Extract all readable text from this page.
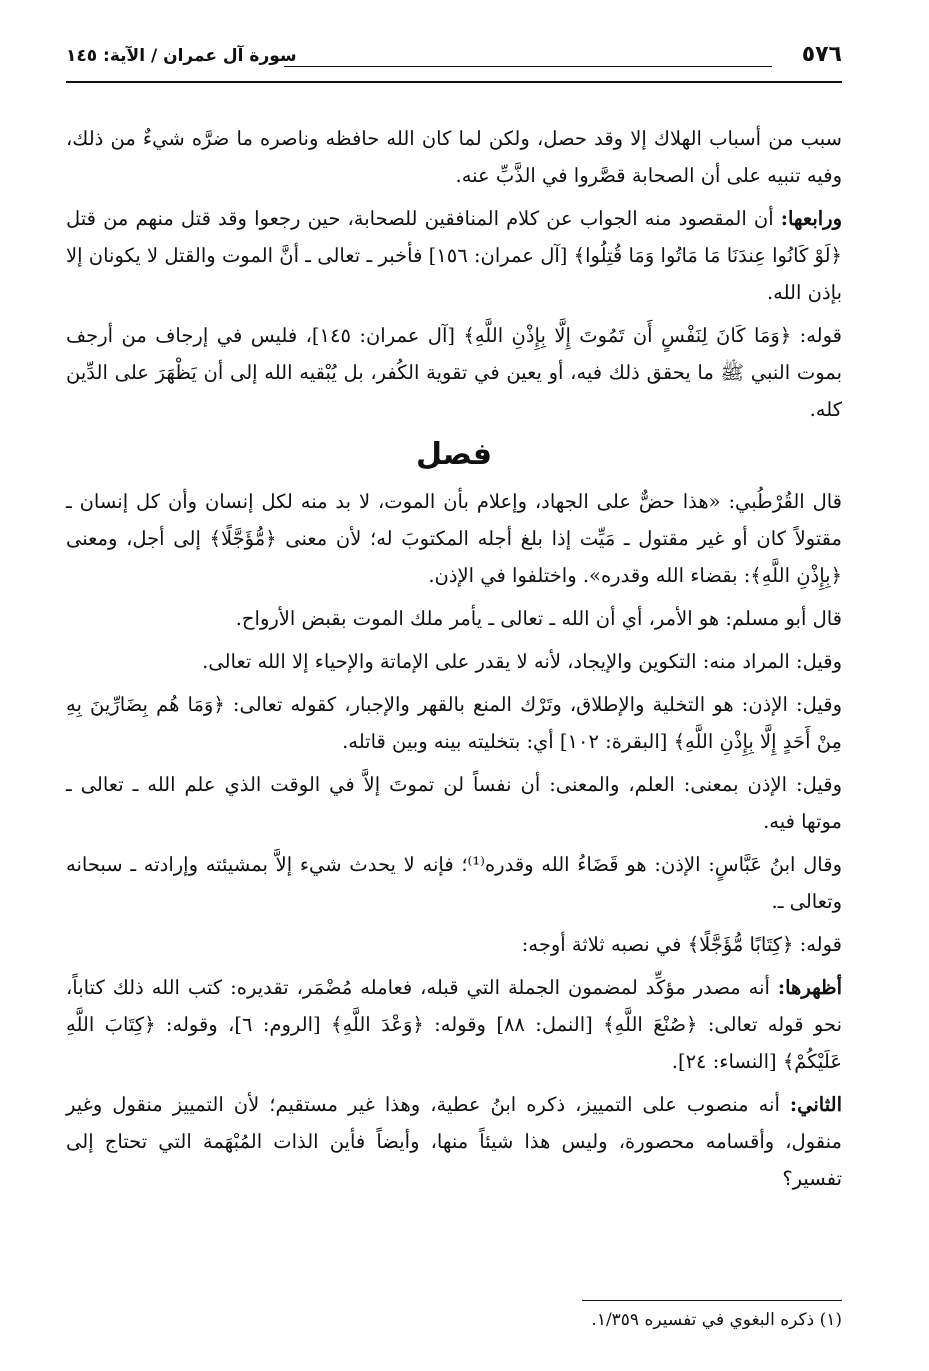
٥٧٦
سورة آل عمران / الآية: ١٤٥

سبب من أسباب الهلاك إلا وقد حصل، ولكن لما كان الله حافظه وناصره ما ضرَّه شيءٌ من ذلك، وفيه تنبيه على أن الصحابة قصَّروا في الذَّبِّ عنه.

ورابعها: أن المقصود منه الجواب عن كلام المنافقين للصحابة، حين رجعوا وقد قتل منهم من قتل ﴿لَوْ كَانُوا عِندَنَا مَا مَاتُوا وَمَا قُتِلُوا﴾ [آل عمران: ١٥٦] فأخبر ـ تعالى ـ أنَّ الموت والقتل لا يكونان إلا بإذن الله.

قوله: ﴿وَمَا كَانَ لِنَفْسٍ أَن تَمُوتَ إِلَّا بِإِذْنِ اللَّهِ﴾ [آل عمران: ١٤٥]، فليس في إرجاف من أرجف بموت النبي ﷺ ما يحقق ذلك فيه، أو يعين في تقوية الكُفر، بل يُبْقيه الله إلى أن يَظْهَرَ على الدِّين كله.

فصل

قال القُرْطُبي: «هذا حضٌّ على الجهاد، وإعلام بأن الموت، لا بد منه لكل إنسان وأن كل إنسان ـ مقتولاً كان أو غير مقتول ـ مَيِّت إذا بلغ أجله المكتوبَ له؛ لأن معنى ﴿مُّؤَجَّلًا﴾ إلى أجل، ومعنى ﴿بِإِذْنِ اللَّهِ﴾: بقضاء الله وقدره». واختلفوا في الإذن.

قال أبو مسلم: هو الأمر، أي أن الله ـ تعالى ـ يأمر ملك الموت بقبض الأرواح.

وقيل: المراد منه: التكوين والإيجاد، لأنه لا يقدر على الإماتة والإحياء إلا الله تعالى.

وقيل: الإذن: هو التخلية والإطلاق، وتَرْك المنع بالقهر والإجبار، كقوله تعالى: ﴿وَمَا هُم بِضَارِّينَ بِهِ مِنْ أَحَدٍ إِلَّا بِإِذْنِ اللَّهِ﴾ [البقرة: ١٠٢] أي: بتخليته بينه وبين قاتله.

وقيل: الإذن بمعنى: العلم، والمعنى: أن نفساً لن تموتَ إلاَّ في الوقت الذي علم الله ـ تعالى ـ موتها فيه.

وقال ابنُ عَبَّاسٍ: الإذن: هو قَضَاءُ الله وقدره⁽¹⁾؛ فإنه لا يحدث شيء إلاَّ بمشيئته وإرادته ـ سبحانه وتعالى ـ.

قوله: ﴿كِتَابًا مُّؤَجَّلًا﴾ في نصبه ثلاثة أوجه:

أظهرها: أنه مصدر مؤكِّد لمضمون الجملة التي قبله، فعامله مُضْمَر، تقديره: كتب الله ذلك كتاباً، نحو قوله تعالى: ﴿صُنْعَ اللَّهِ﴾ [النمل: ٨٨] وقوله: ﴿وَعْدَ اللَّهِ﴾ [الروم: ٦]، وقوله: ﴿كِتَابَ اللَّهِ عَلَيْكُمْ﴾ [النساء: ٢٤].

الثاني: أنه منصوب على التمييز، ذكره ابنُ عطية، وهذا غير مستقيم؛ لأن التمييز منقول وغير منقول، وأقسامه محصورة، وليس هذا شيئاً منها، وأيضاً فأين الذات المُبْهَمة التي تحتاج إلى تفسير؟

(١) ذكره البغوي في تفسيره ١/٣٥٩.
